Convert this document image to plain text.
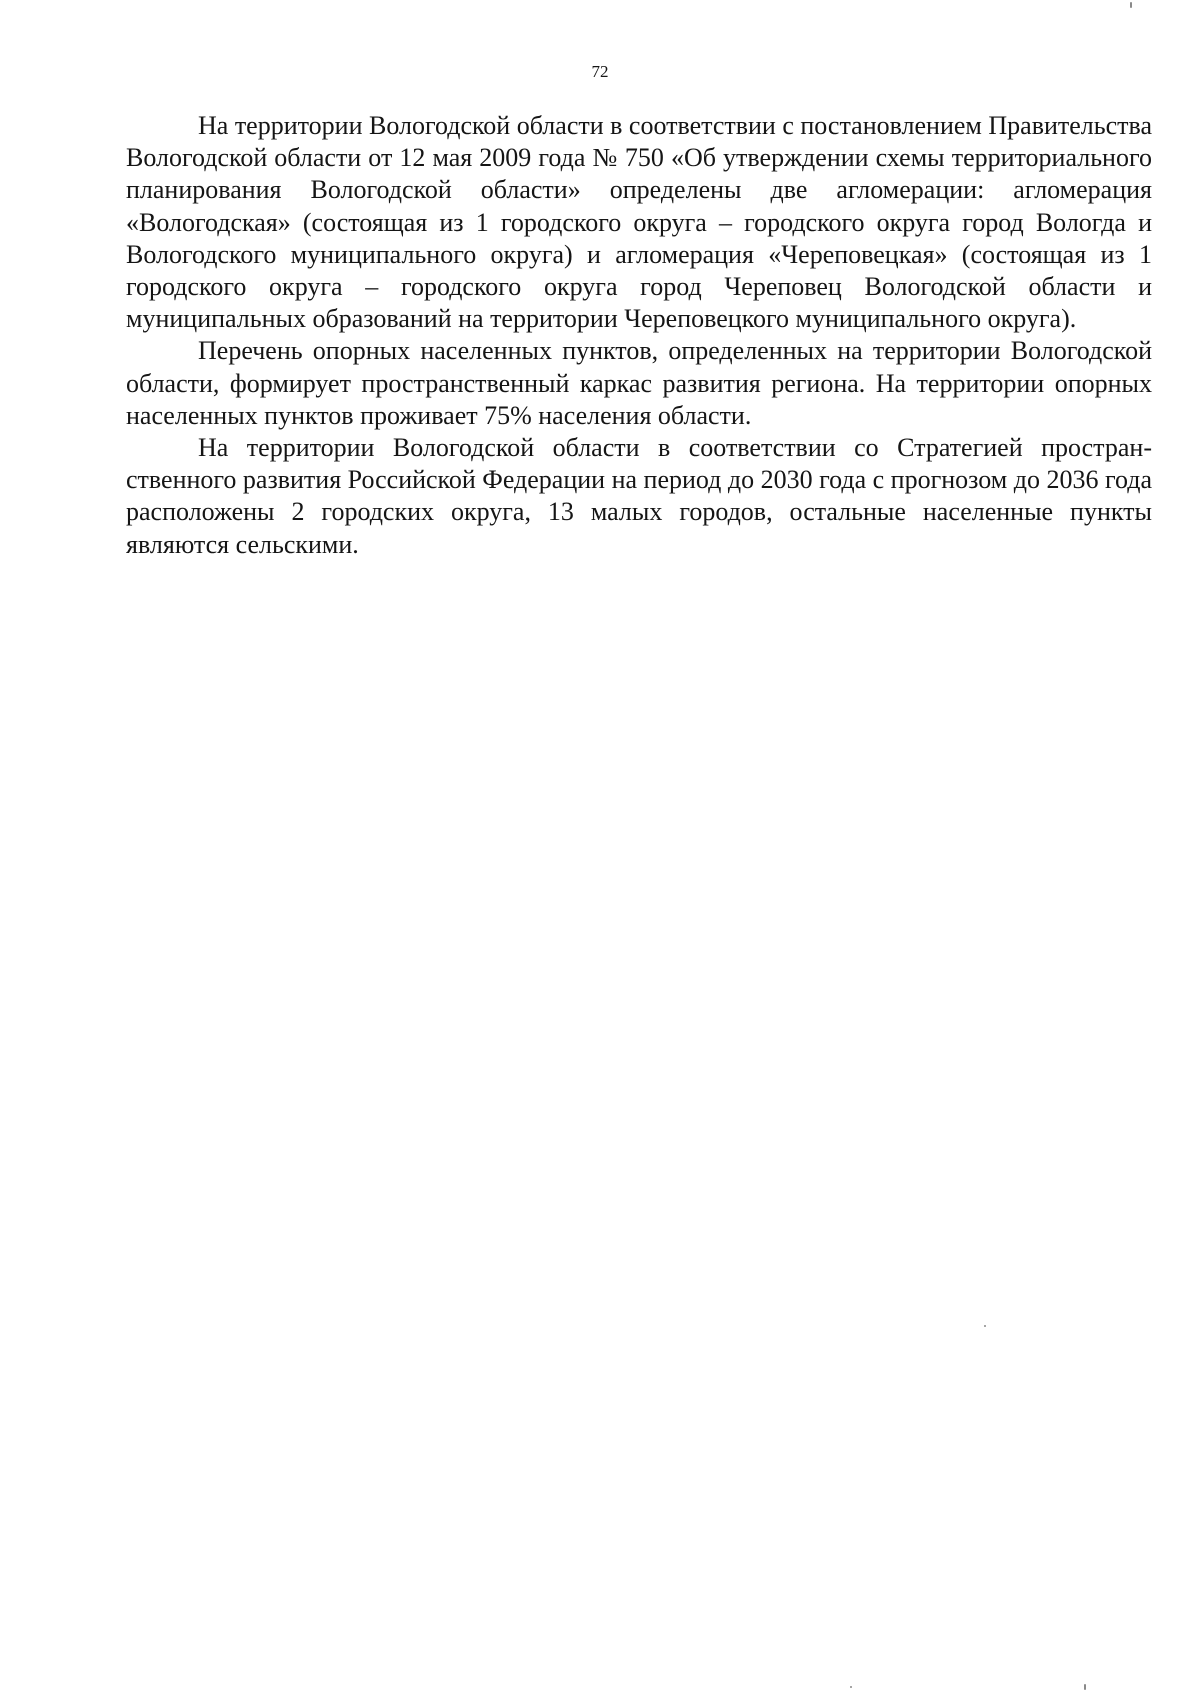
72

На территории Вологодской области в соответствии с постановлением Правительства Вологодской области от 12 мая 2009 года № 750 «Об утверждении схемы территориального планирования Вологодской области» определены две агломерации: агломерация «Вологодская» (состоящая из 1 городского округа – городского округа город Вологда и Вологодского муниципального округа) и агломерация «Череповецкая» (состоящая из 1 городского округа – городского округа город Череповец Вологодской области и муниципальных образований на территории Череповецкого муниципального округа).

Перечень опорных населенных пунктов, определенных на территории Вологодской области, формирует пространственный каркас развития региона. На территории опорных населенных пунктов проживает 75% населения области.

На территории Вологодской области в соответствии со Стратегией пространственного развития Российской Федерации на период до 2030 года с прогнозом до 2036 года расположены 2 городских округа, 13 малых городов, остальные населенные пункты являются сельскими.
